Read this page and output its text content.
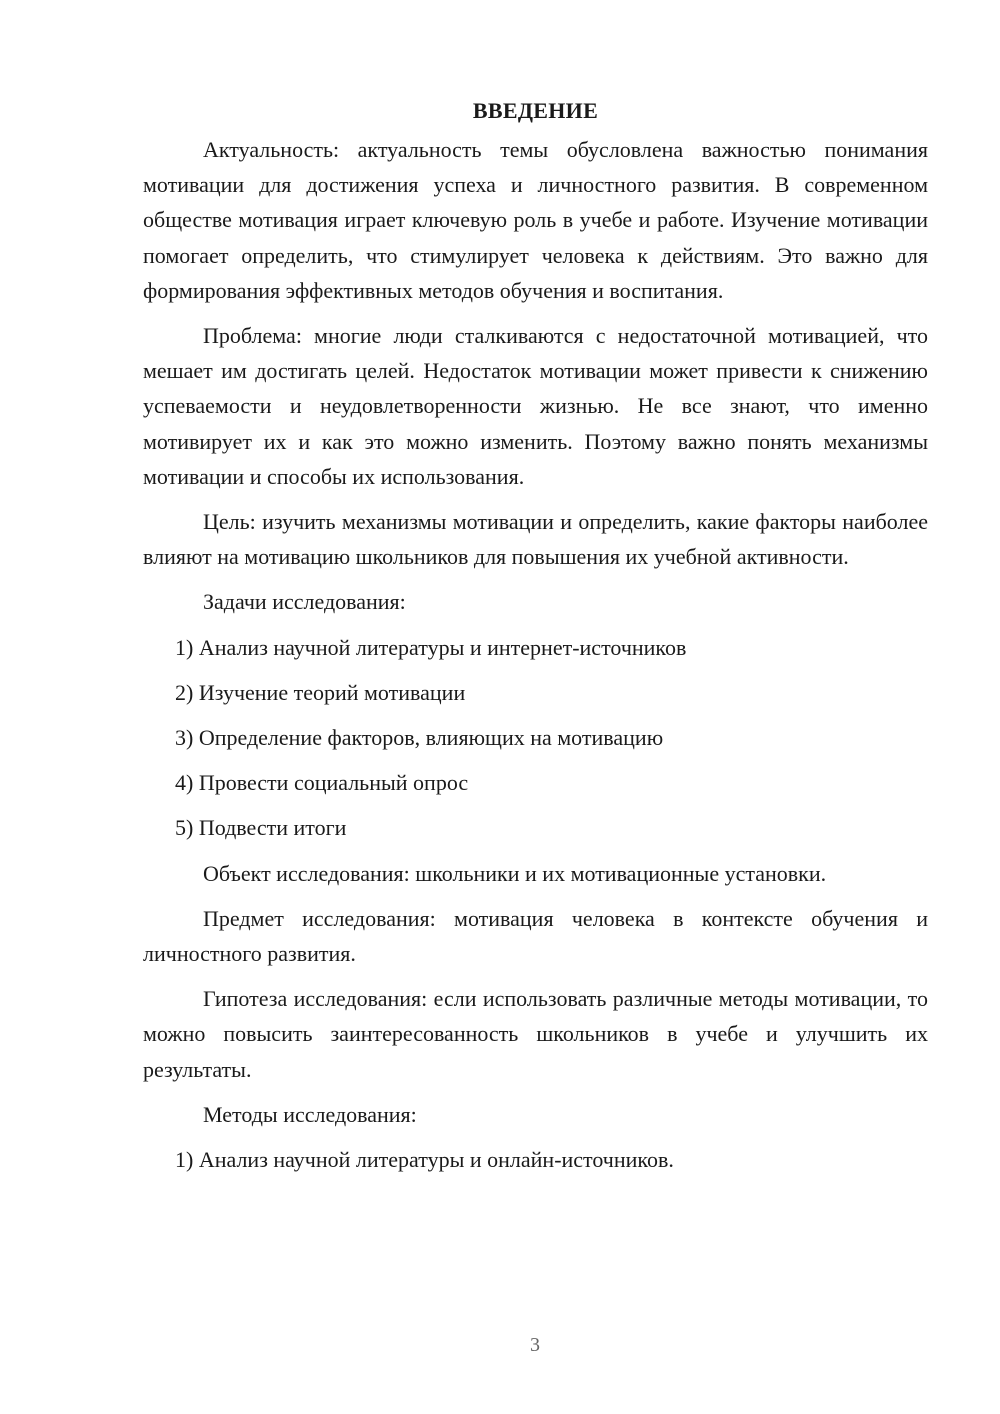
ВВЕДЕНИЕ

Актуальность: актуальность темы обусловлена важностью понимания мотивации для достижения успеха и личностного развития. В современном обществе мотивация играет ключевую роль в учебе и работе. Изучение мотивации помогает определить, что стимулирует человека к действиям. Это важно для формирования эффективных методов обучения и воспитания.

Проблема: многие люди сталкиваются с недостаточной мотивацией, что мешает им достигать целей. Недостаток мотивации может привести к снижению успеваемости и неудовлетворенности жизнью. Не все знают, что именно мотивирует их и как это можно изменить. Поэтому важно понять механизмы мотивации и способы их использования.

Цель: изучить механизмы мотивации и определить, какие факторы наиболее влияют на мотивацию школьников для повышения их учебной активности.

Задачи исследования:

1) Анализ научной литературы и интернет-источников
2) Изучение теорий мотивации
3) Определение факторов, влияющих на мотивацию
4) Провести социальный опрос
5) Подвести итоги

Объект исследования: школьники и их мотивационные установки.

Предмет исследования: мотивация человека в контексте обучения и личностного развития.

Гипотеза исследования: если использовать различные методы мотивации, то можно повысить заинтересованность школьников в учебе и улучшить их результаты.

Методы исследования:

1) Анализ научной литературы и онлайн-источников.
3
